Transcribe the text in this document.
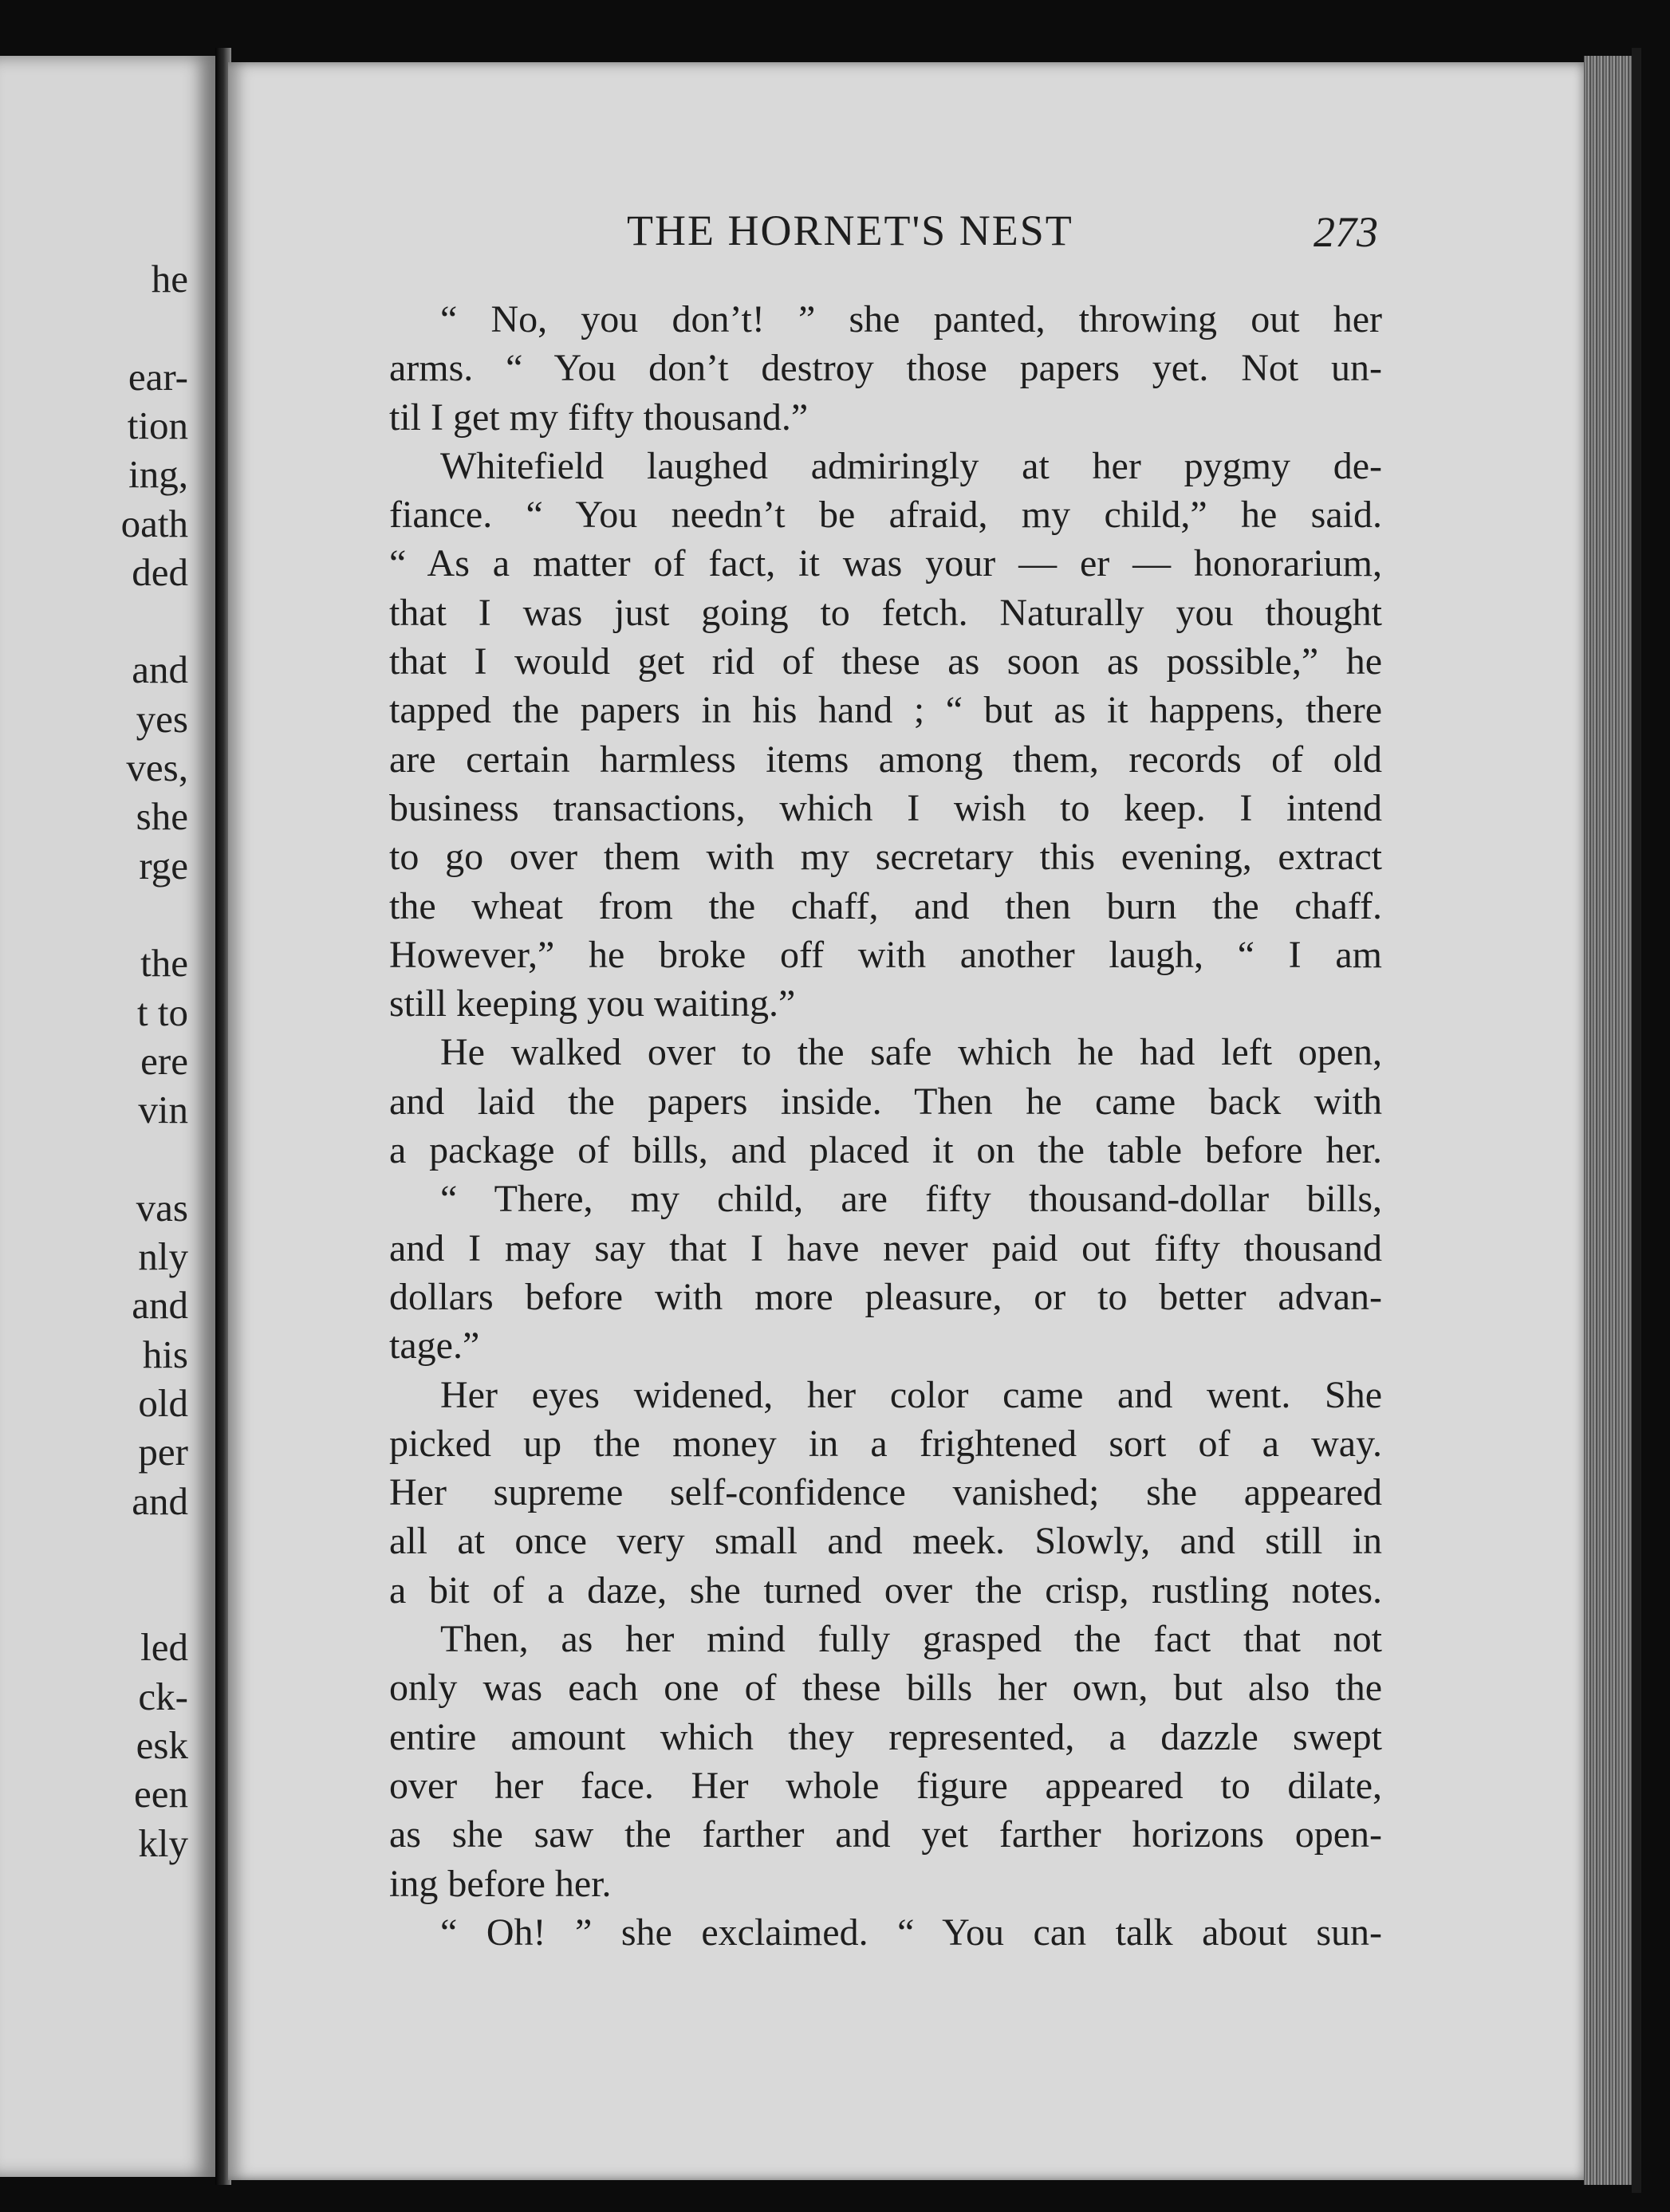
he
ear-
tion
ing,
oath
ded
and
yes
ves,
she
rge
the
t to
ere
vin
vas
nly
and
his
old
per
and
led
ck-
esk
een
kly
THE HORNET'S NEST	273
“ No, you don’t! ” she panted, throwing out her
arms. “ You don’t destroy those papers yet. Not un-
til I get my fifty thousand.”
Whitefield laughed admiringly at her pygmy de-
fiance. “ You needn’t be afraid, my child,” he said.
“ As a matter of fact, it was your — er — honorarium,
that I was just going to fetch. Naturally you thought
that I would get rid of these as soon as possible,” he
tapped the papers in his hand ; “ but as it happens, there
are certain harmless items among them, records of old
business transactions, which I wish to keep. I intend
to go over them with my secretary this evening, extract
the wheat from the chaff, and then burn the chaff.
However,” he broke off with another laugh, “ I am
still keeping you waiting.”
He walked over to the safe which he had left open,
and laid the papers inside. Then he came back with
a package of bills, and placed it on the table before her.
“ There, my child, are fifty thousand-dollar bills,
and I may say that I have never paid out fifty thousand
dollars before with more pleasure, or to better advan-
tage.”
Her eyes widened, her color came and went. She
picked up the money in a frightened sort of a way.
Her supreme self-confidence vanished; she appeared
all at once very small and meek. Slowly, and still in
a bit of a daze, she turned over the crisp, rustling notes.
Then, as her mind fully grasped the fact that not
only was each one of these bills her own, but also the
entire amount which they represented, a dazzle swept
over her face. Her whole figure appeared to dilate,
as she saw the farther and yet farther horizons open-
ing before her.
“ Oh! ” she exclaimed. “ You can talk about sun-
